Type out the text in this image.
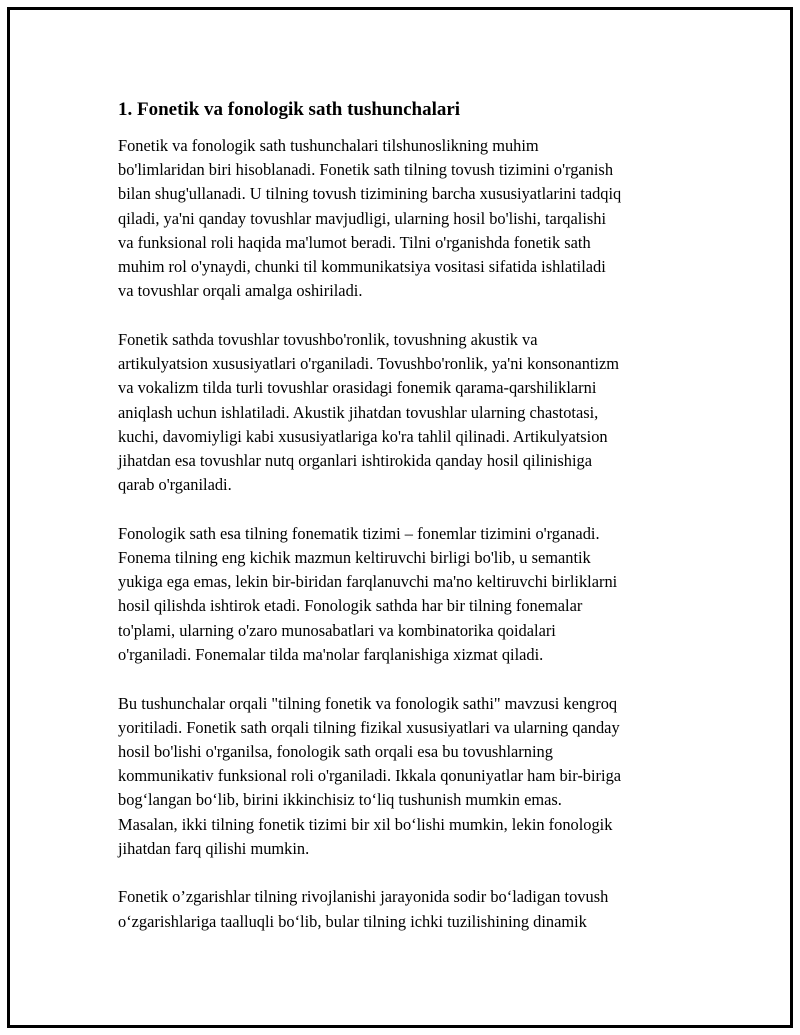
1. Fonetik va fonologik sath tushunchalari

Fonetik va fonologik sath tushunchalari tilshunoslikning muhim
bo'limlaridan biri hisoblanadi. Fonetik sath tilning tovush tizimini o'rganish
bilan shug'ullanadi. U tilning tovush tizimining barcha xususiyatlarini tadqiq
qiladi, ya'ni qanday tovushlar mavjudligi, ularning hosil bo'lishi, tarqalishi
va funksional roli haqida ma'lumot beradi. Tilni o'rganishda fonetik sath
muhim rol o'ynaydi, chunki til kommunikatsiya vositasi sifatida ishlatiladi
va tovushlar orqali amalga oshiriladi.

Fonetik sathda tovushlar tovushbo'ronlik, tovushning akustik va
artikulyatsion xususiyatlari o'rganiladi. Tovushbo'ronlik, ya'ni konsonantizm
va vokalizm tilda turli tovushlar orasidagi fonemik qarama-qarshiliklarni
aniqlash uchun ishlatiladi. Akustik jihatdan tovushlar ularning chastotasi,
kuchi, davomiyligi kabi xususiyatlariga ko'ra tahlil qilinadi. Artikulyatsion
jihatdan esa tovushlar nutq organlari ishtirokida qanday hosil qilinishiga
qarab o'rganiladi.

Fonologik sath esa tilning fonematik tizimi – fonemlar tizimini o'rganadi.
Fonema tilning eng kichik mazmun keltiruvchi birligi bo'lib, u semantik
yukiga ega emas, lekin bir-biridan farqlanuvchi ma'no keltiruvchi birliklarni
hosil qilishda ishtirok etadi. Fonologik sathda har bir tilning fonemalar
to'plami, ularning o'zaro munosabatlari va kombinatorika qoidalari
o'rganiladi. Fonemalar tilda ma'nolar farqlanishiga xizmat qiladi.

Bu tushunchalar orqali "tilning fonetik va fonologik sathi" mavzusi kengroq
yoritiladi. Fonetik sath orqali tilning fizikal xususiyatlari va ularning qanday
hosil bo'lishi o'rganilsa, fonologik sath orqali esa bu tovushlarning
kommunikativ funksional roli o'rganiladi. Ikkala qonuniyatlar ham bir-biriga
bog‘langan bo‘lib, birini ikkinchisiz to‘liq tushunish mumkin emas.
Masalan, ikki tilning fonetik tizimi bir xil bo‘lishi mumkin, lekin fonologik
jihatdan farq qilishi mumkin.

Fonetik o’zgarishlar tilning rivojlanishi jarayonida sodir bo‘ladigan tovush
o‘zgarishlariga taalluqli bo‘lib, bular tilning ichki tuzilishining dinamik
